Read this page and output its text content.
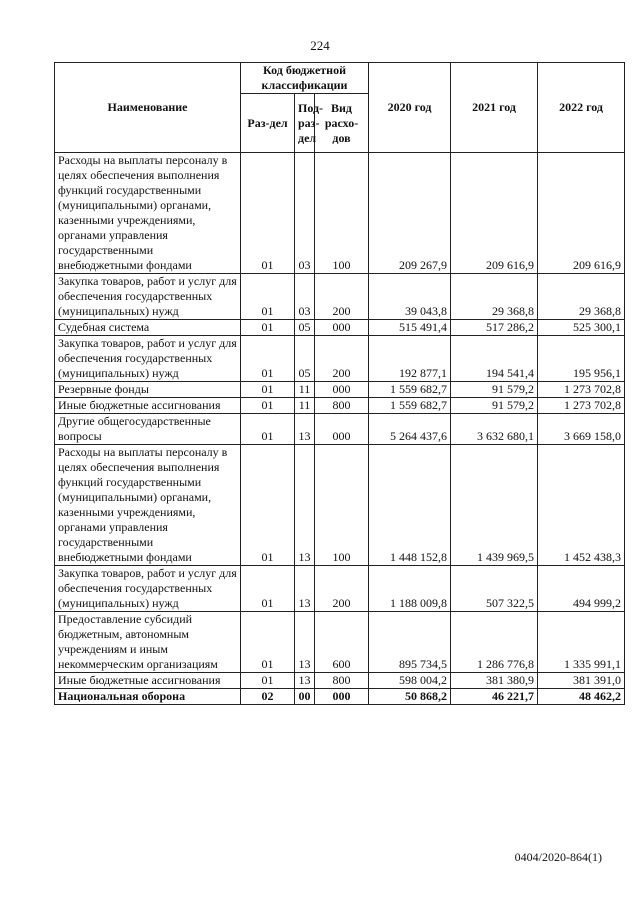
224
Наименование	Код бюджетной классификации			2020 год	2021 год	2022 год
	Раз-дел	Под-раз-дел	Вид расхо-дов			
Расходы на выплаты персоналу в целях обеспечения выполнения функций государственными (муниципальными) органами, казенными учреждениями, органами управления государственными внебюджетными фондами	01	03	100	209 267,9	209 616,9	209 616,9
Закупка товаров, работ и услуг для обеспечения государственных (муниципальных) нужд	01	03	200	39 043,8	29 368,8	29 368,8
Судебная система	01	05	000	515 491,4	517 286,2	525 300,1
Закупка товаров, работ и услуг для обеспечения государственных (муниципальных) нужд	01	05	200	192 877,1	194 541,4	195 956,1
Резервные фонды	01	11	000	1 559 682,7	91 579,2	1 273 702,8
Иные бюджетные ассигнования	01	11	800	1 559 682,7	91 579,2	1 273 702,8
Другие общегосударственные вопросы	01	13	000	5 264 437,6	3 632 680,1	3 669 158,0
Расходы на выплаты персоналу в целях обеспечения выполнения функций государственными (муниципальными) органами, казенными учреждениями, органами управления государственными внебюджетными фондами	01	13	100	1 448 152,8	1 439 969,5	1 452 438,3
Закупка товаров, работ и услуг для обеспечения государственных (муниципальных) нужд	01	13	200	1 188 009,8	507 322,5	494 999,2
Предоставление субсидий бюджетным, автономным учреждениям и иным некоммерческим организациям	01	13	600	895 734,5	1 286 776,8	1 335 991,1
Иные бюджетные ассигнования	01	13	800	598 004,2	381 380,9	381 391,0
Национальная оборона	02	00	000	50 868,2	46 221,7	48 462,2
0404/2020-864(1)
